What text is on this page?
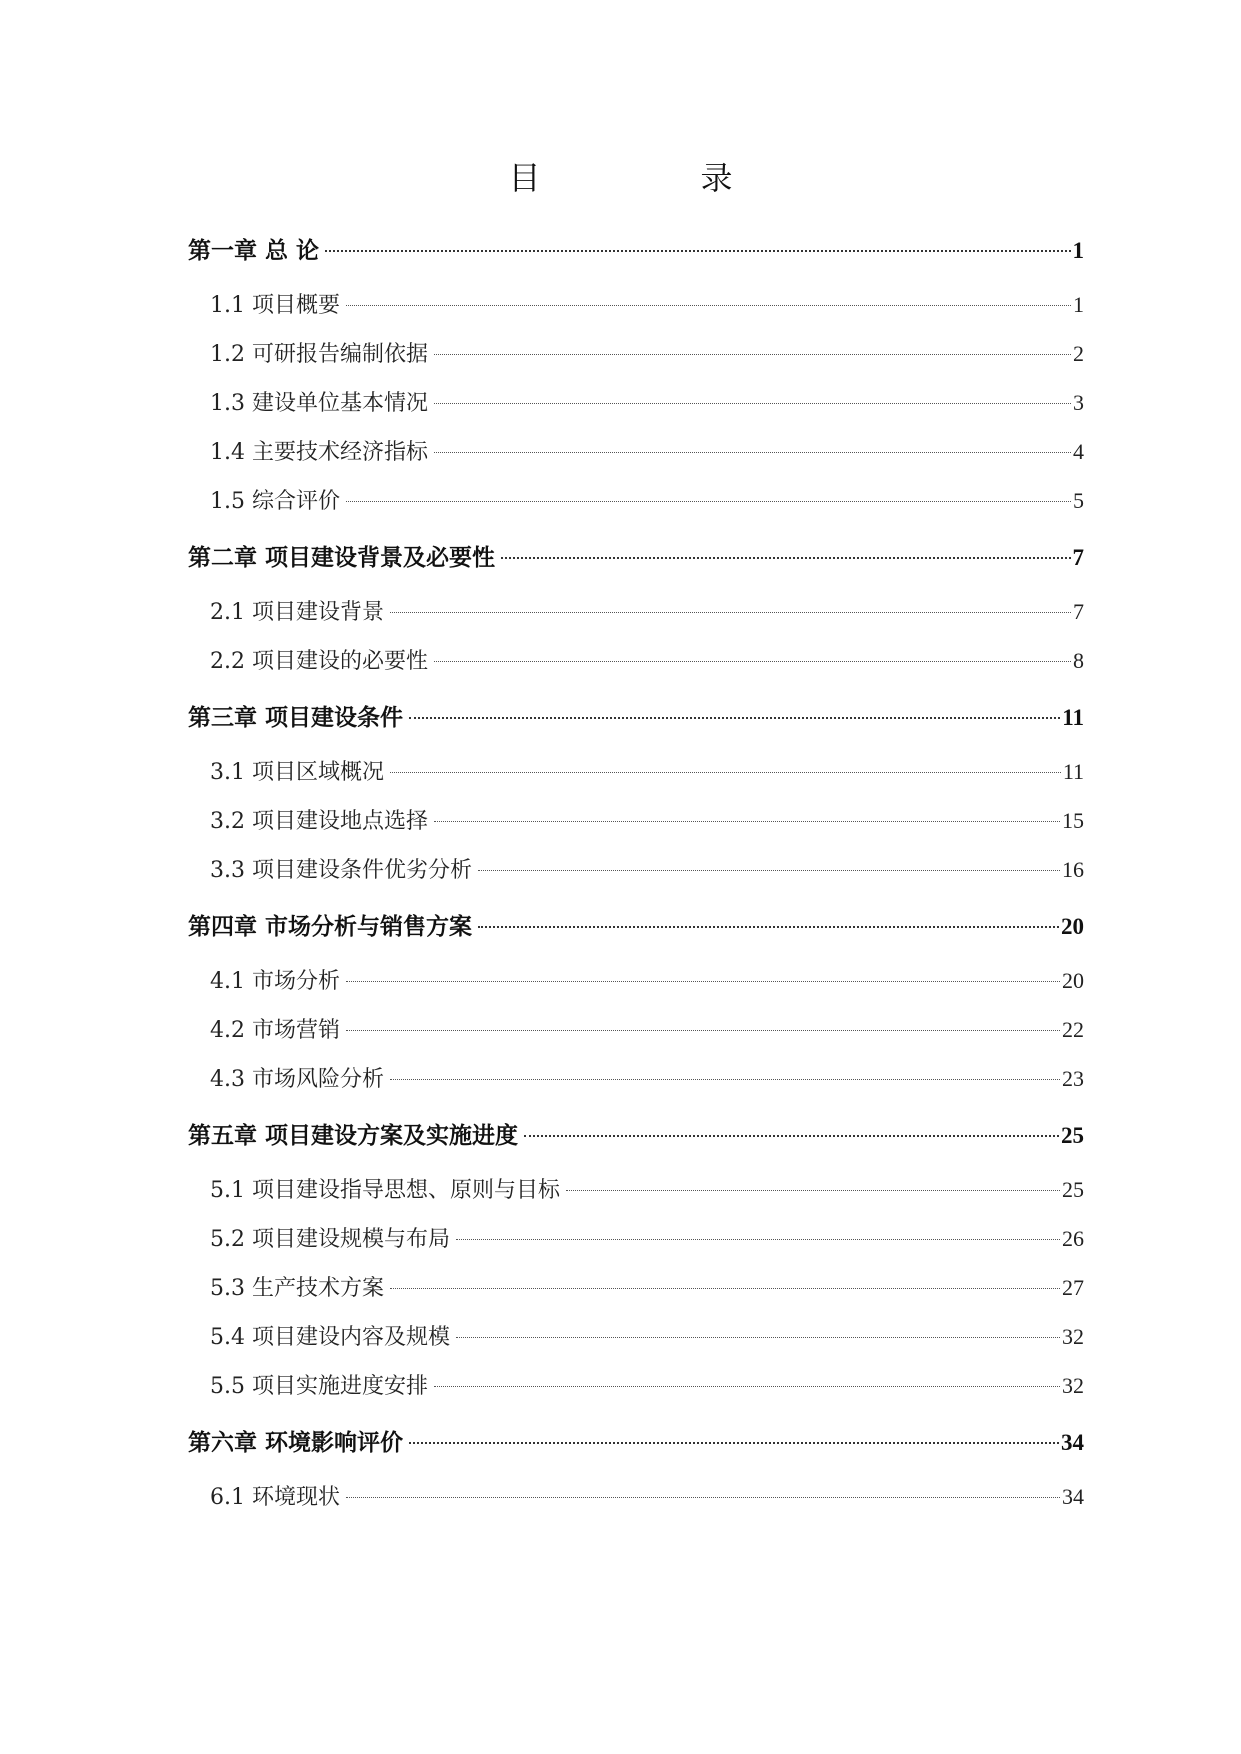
目　录
第一章 总 论	1
1.1 项目概要	1
1.2 可研报告编制依据	2
1.3 建设单位基本情况	3
1.4 主要技术经济指标	4
1.5 综合评价	5
第二章 项目建设背景及必要性	7
2.1 项目建设背景	7
2.2 项目建设的必要性	8
第三章 项目建设条件	11
3.1 项目区域概况	11
3.2 项目建设地点选择	15
3.3 项目建设条件优劣分析	16
第四章 市场分析与销售方案	20
4.1 市场分析	20
4.2 市场营销	22
4.3 市场风险分析	23
第五章 项目建设方案及实施进度	25
5.1 项目建设指导思想、原则与目标	25
5.2 项目建设规模与布局	26
5.3 生产技术方案	27
5.4 项目建设内容及规模	32
5.5 项目实施进度安排	32
第六章 环境影响评价	34
6.1 环境现状	34
